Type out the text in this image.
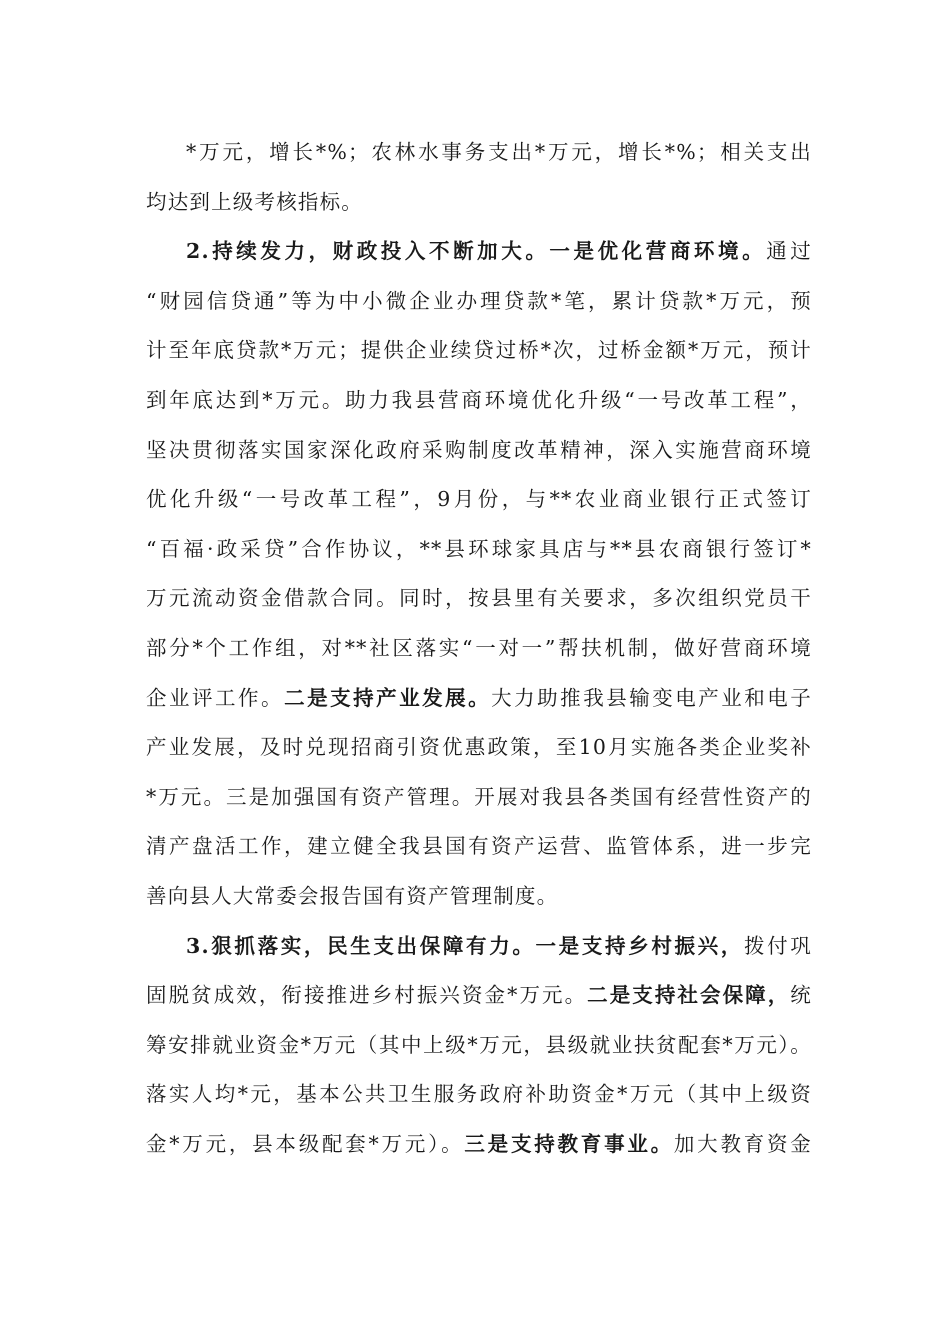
*万元，增长*%；农林水事务支出*万元，增长*%；相关支出
均达到上级考核指标。
2.持续发力，财政投入不断加大。一是优化营商环境。通过
“财园信贷通”等为中小微企业办理贷款*笔，累计贷款*万元，预
计至年底贷款*万元；提供企业续贷过桥*次，过桥金额*万元，预计
到年底达到*万元。助力我县营商环境优化升级“一号改革工程”，
坚决贯彻落实国家深化政府采购制度改革精神，深入实施营商环境
优化升级“一号改革工程”，9月份，与**农业商业银行正式签订
“百福·政采贷”合作协议，**县环球家具店与**县农商银行签订*
万元流动资金借款合同。同时，按县里有关要求，多次组织党员干
部分*个工作组，对**社区落实“一对一”帮扶机制，做好营商环境
企业评工作。二是支持产业发展。大力助推我县输变电产业和电子
产业发展，及时兑现招商引资优惠政策，至10月实施各类企业奖补
*万元。三是加强国有资产管理。开展对我县各类国有经营性资产的
清产盘活工作，建立健全我县国有资产运营、监管体系，进一步完
善向县人大常委会报告国有资产管理制度。
3.狠抓落实，民生支出保障有力。一是支持乡村振兴，拨付巩
固脱贫成效，衔接推进乡村振兴资金*万元。二是支持社会保障，统
筹安排就业资金*万元（其中上级*万元，县级就业扶贫配套*万元）。
落实人均*元，基本公共卫生服务政府补助资金*万元（其中上级资
金*万元，县本级配套*万元）。三是支持教育事业。加大教育资金
